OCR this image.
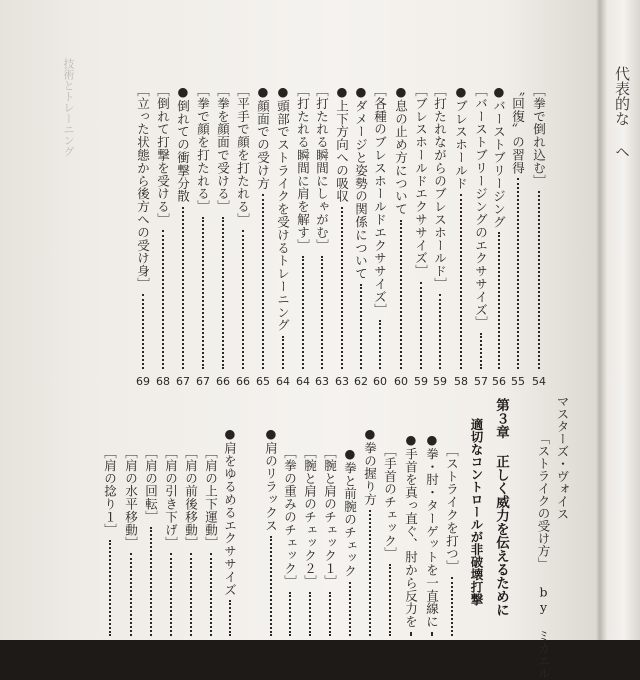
技術とトレーニング	［拳で倒れ込む］
54
〝回復〟の習得
55
●バーストブリージング
56
［バーストブリージングのエクササイズ］
57
●ブレスホールド
58
［打たれながらのブレスホールド］
59
［ブレスホールドエクササイズ］
59
●息の止め方について
60
［各種のブレスホールドエクササイズ］
60
●ダメージと姿勢の関係について
62
●上下方向への吸収
63
［打たれる瞬間にしゃがむ］
63
［打たれる瞬間に肩を解す］
64
●頭部でストライクを受けるトレーニング
64
●顔面での受け方
65
［平手で顔を打たれる］
66
［拳を顔面で受ける］
66
［拳で顔を打たれる］
67
●倒れての衝撃分散
67
［倒れて打撃を受ける］
68
［立った状態から後方への受け身］
69
［ストライクを打つ］
●拳・肘・ターゲットを一直線に
●手首を真っ直ぐ、肘から反力を
［手首のチェック］
●拳の握り方
●拳と前腕のチェック
［腕と肩のチェック１］
［腕と肩のチェック２］
［拳の重みのチェック］
●肩のリラックス
●肩をゆるめるエクササイズ
［肩の上下運動］
［肩の前後移動］
［肩の引き下げ］
［肩の回転］
［肩の水平移動］
［肩の捻り１］
代表的な ヘ
マスターズ・ヴォイス
「ストライクの受け方」 by ミカエル
第３章 正しく威力を伝えるために
適切なコントロールが非破壊打撃
